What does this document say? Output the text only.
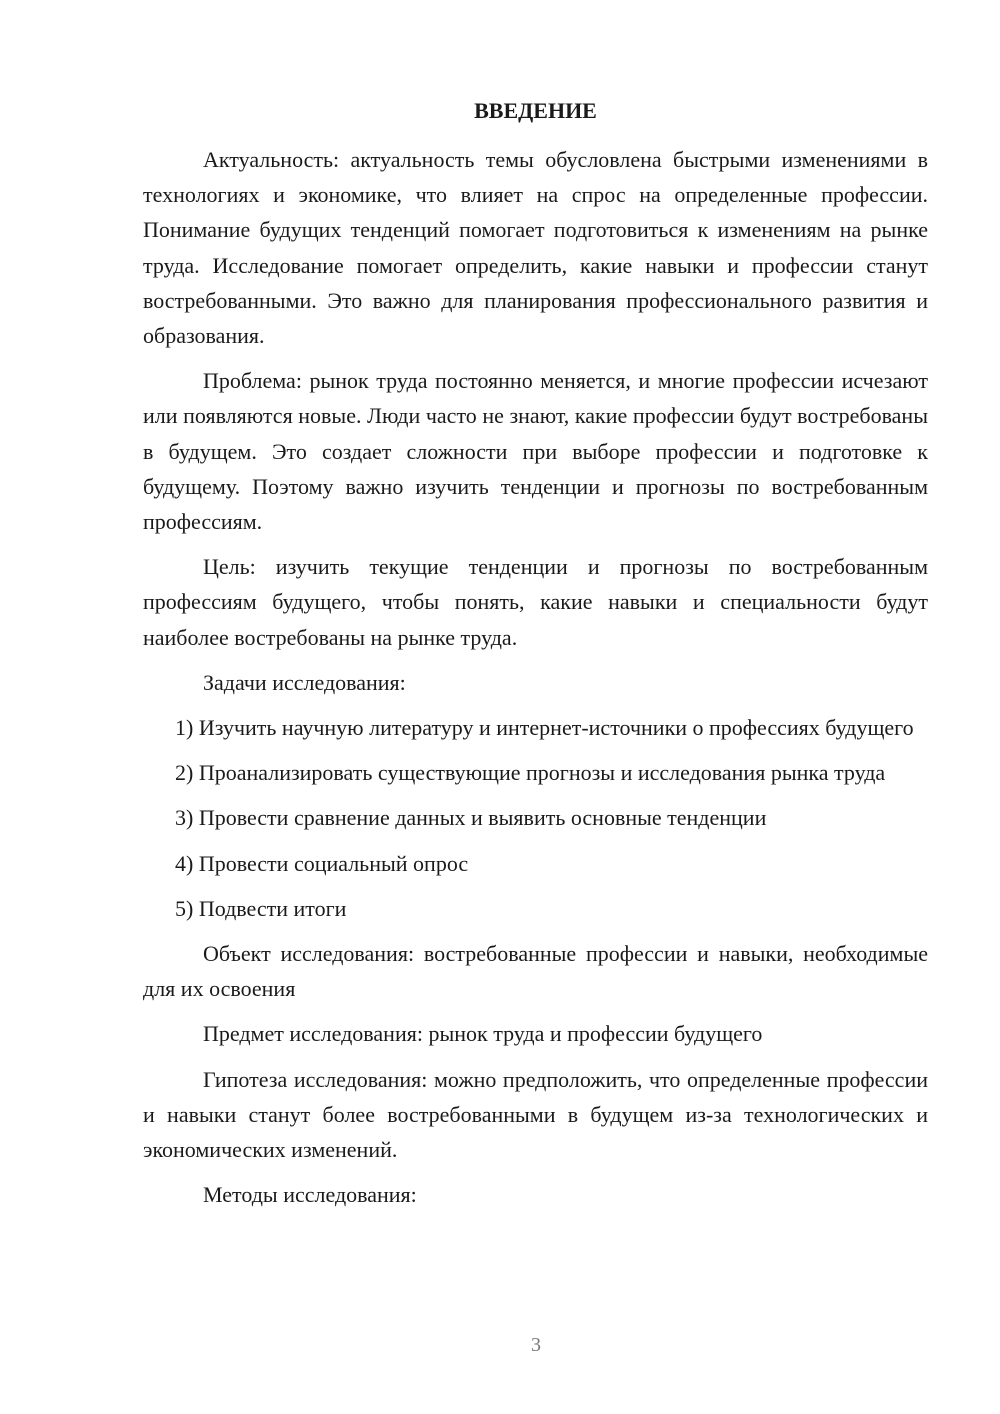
ВВЕДЕНИЕ

Актуальность: актуальность темы обусловлена быстрыми изменениями в технологиях и экономике, что влияет на спрос на определенные профессии. Понимание будущих тенденций помогает подготовиться к изменениям на рынке труда. Исследование помогает определить, какие навыки и профессии станут востребованными. Это важно для планирования профессионального развития и образования.

Проблема: рынок труда постоянно меняется, и многие профессии исчезают или появляются новые. Люди часто не знают, какие профессии будут востребованы в будущем. Это создает сложности при выборе профессии и подготовке к будущему. Поэтому важно изучить тенденции и прогнозы по востребованным профессиям.

Цель: изучить текущие тенденции и прогнозы по востребованным профессиям будущего, чтобы понять, какие навыки и специальности будут наиболее востребованы на рынке труда.

Задачи исследования:

1) Изучить научную литературу и интернет-источники о профессиях будущего

2) Проанализировать существующие прогнозы и исследования рынка труда

3) Провести сравнение данных и выявить основные тенденции

4) Провести социальный опрос

5) Подвести итоги

Объект исследования: востребованные профессии и навыки, необходимые для их освоения

Предмет исследования: рынок труда и профессии будущего

Гипотеза исследования: можно предположить, что определенные профессии и навыки станут более востребованными в будущем из-за технологических и экономических изменений.

Методы исследования:

3
